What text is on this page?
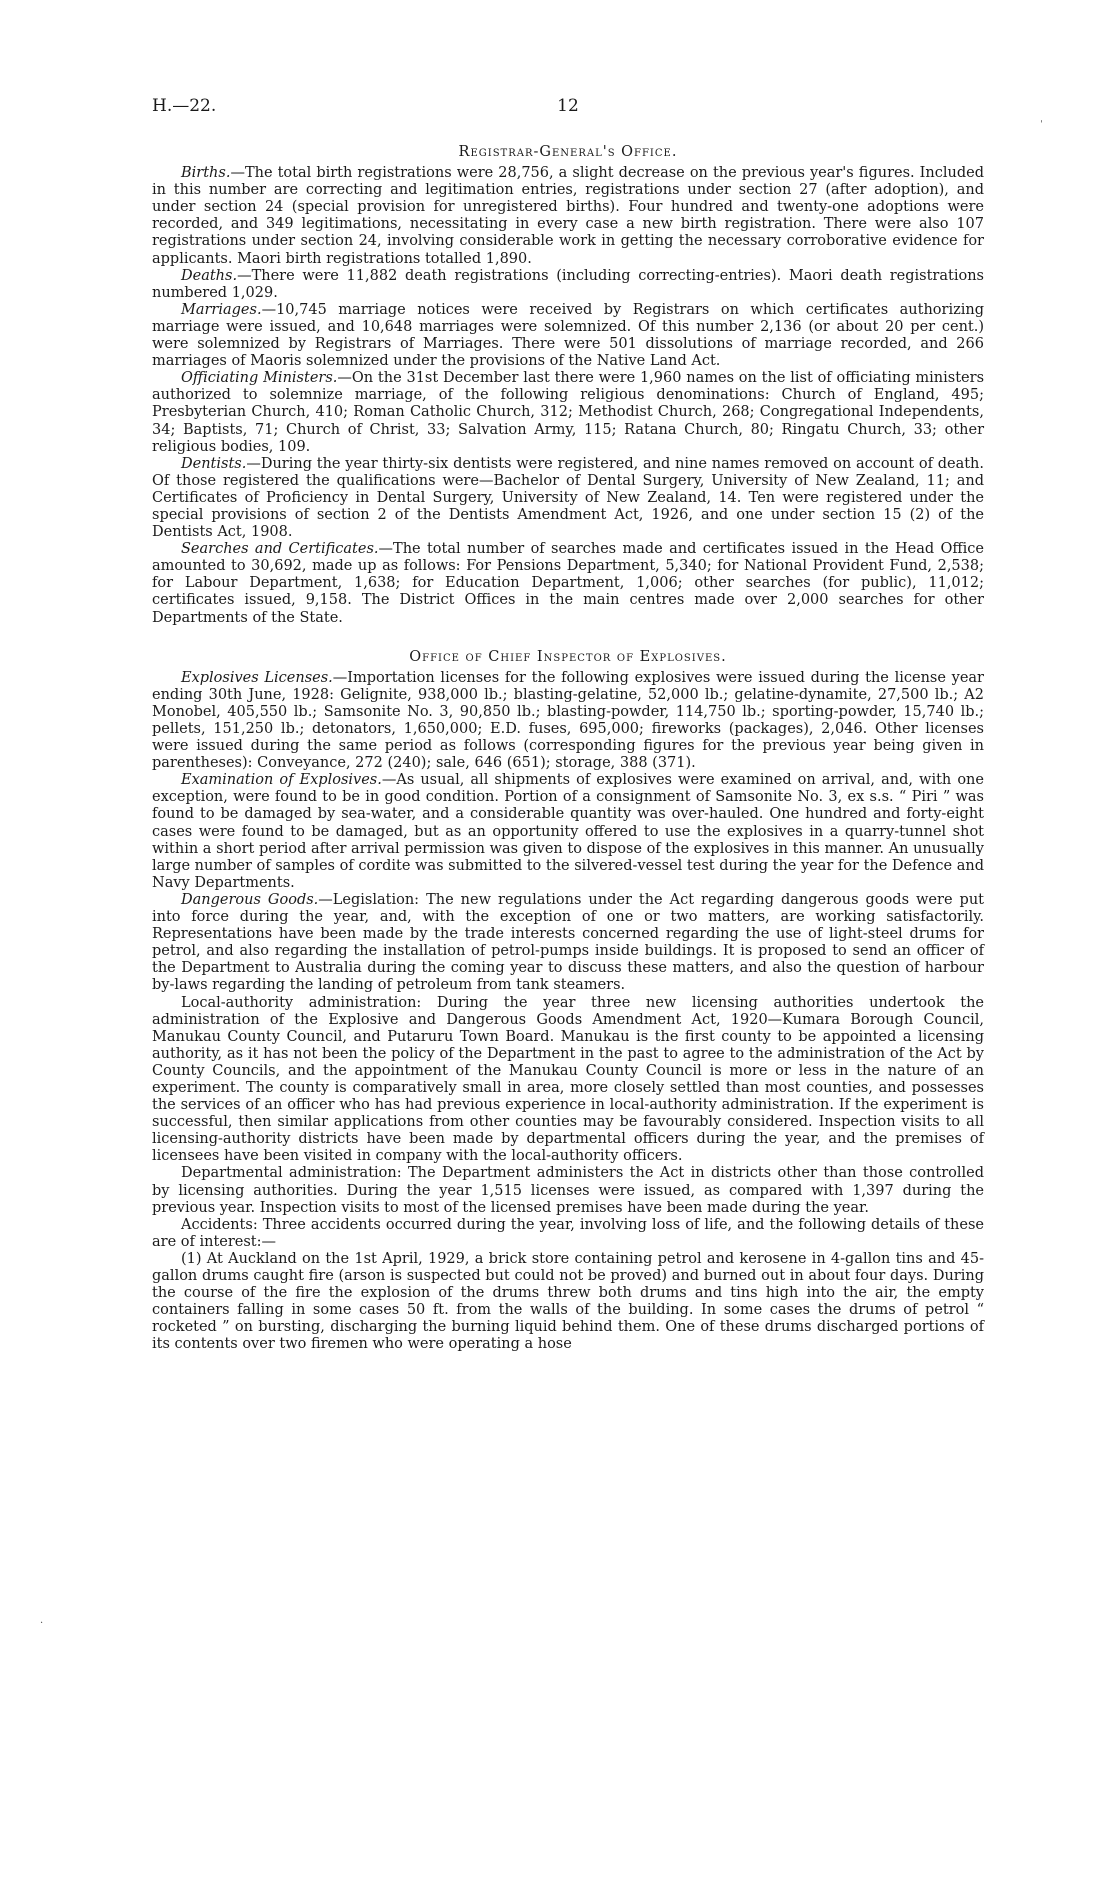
H.—22.	12
Registrar-General's Office.

Births.—The total birth registrations were 28,756, a slight decrease on the previous year's figures. Included in this number are correcting and legitimation entries, registrations under section 27 (after adoption), and under section 24 (special provision for unregistered births). Four hundred and twenty-one adoptions were recorded, and 349 legitimations, necessitating in every case a new birth registration. There were also 107 registrations under section 24, involving considerable work in getting the necessary corroborative evidence for applicants. Maori birth registrations totalled 1,890.

Deaths.—There were 11,882 death registrations (including correcting-entries). Maori death registrations numbered 1,029.

Marriages.—10,745 marriage notices were received by Registrars on which certificates authorizing marriage were issued, and 10,648 marriages were solemnized. Of this number 2,136 (or about 20 per cent.) were solemnized by Registrars of Marriages. There were 501 dissolutions of marriage recorded, and 266 marriages of Maoris solemnized under the provisions of the Native Land Act.

Officiating Ministers.—On the 31st December last there were 1,960 names on the list of officiating ministers authorized to solemnize marriage, of the following religious denominations: Church of England, 495; Presbyterian Church, 410; Roman Catholic Church, 312; Methodist Church, 268; Congregational Independents, 34; Baptists, 71; Church of Christ, 33; Salvation Army, 115; Ratana Church, 80; Ringatu Church, 33; other religious bodies, 109.

Dentists.—During the year thirty-six dentists were registered, and nine names removed on account of death. Of those registered the qualifications were—Bachelor of Dental Surgery, University of New Zealand, 11; and Certificates of Proficiency in Dental Surgery, University of New Zealand, 14. Ten were registered under the special provisions of section 2 of the Dentists Amendment Act, 1926, and one under section 15 (2) of the Dentists Act, 1908.

Searches and Certificates.—The total number of searches made and certificates issued in the Head Office amounted to 30,692, made up as follows: For Pensions Department, 5,340; for National Provident Fund, 2,538; for Labour Department, 1,638; for Education Department, 1,006; other searches (for public), 11,012; certificates issued, 9,158. The District Offices in the main centres made over 2,000 searches for other Departments of the State.

Office of Chief Inspector of Explosives.

Explosives Licenses.—Importation licenses for the following explosives were issued during the license year ending 30th June, 1928: Gelignite, 938,000 lb.; blasting-gelatine, 52,000 lb.; gelatine-dynamite, 27,500 lb.; A2 Monobel, 405,550 lb.; Samsonite No. 3, 90,850 lb.; blasting-powder, 114,750 lb.; sporting-powder, 15,740 lb.; pellets, 151,250 lb.; detonators, 1,650,000; E.D. fuses, 695,000; fireworks (packages), 2,046. Other licenses were issued during the same period as follows (corresponding figures for the previous year being given in parentheses): Conveyance, 272 (240); sale, 646 (651); storage, 388 (371).

Examination of Explosives.—As usual, all shipments of explosives were examined on arrival, and, with one exception, were found to be in good condition. Portion of a consignment of Samsonite No. 3, ex s.s. “ Piri ” was found to be damaged by sea-water, and a considerable quantity was over-hauled. One hundred and forty-eight cases were found to be damaged, but as an opportunity offered to use the explosives in a quarry-tunnel shot within a short period after arrival permission was given to dispose of the explosives in this manner. An unusually large number of samples of cordite was submitted to the silvered-vessel test during the year for the Defence and Navy Departments.

Dangerous Goods.—Legislation: The new regulations under the Act regarding dangerous goods were put into force during the year, and, with the exception of one or two matters, are working satisfactorily. Representations have been made by the trade interests concerned regarding the use of light-steel drums for petrol, and also regarding the installation of petrol-pumps inside buildings. It is proposed to send an officer of the Department to Australia during the coming year to discuss these matters, and also the question of harbour by-laws regarding the landing of petroleum from tank steamers.

Local-authority administration: During the year three new licensing authorities undertook the administration of the Explosive and Dangerous Goods Amendment Act, 1920—Kumara Borough Council, Manukau County Council, and Putaruru Town Board. Manukau is the first county to be appointed a licensing authority, as it has not been the policy of the Department in the past to agree to the administration of the Act by County Councils, and the appointment of the Manukau County Council is more or less in the nature of an experiment. The county is comparatively small in area, more closely settled than most counties, and possesses the services of an officer who has had previous experience in local-authority administration. If the experiment is successful, then similar applications from other counties may be favourably considered. Inspection visits to all licensing-authority districts have been made by departmental officers during the year, and the premises of licensees have been visited in company with the local-authority officers.

Departmental administration: The Department administers the Act in districts other than those controlled by licensing authorities. During the year 1,515 licenses were issued, as compared with 1,397 during the previous year. Inspection visits to most of the licensed premises have been made during the year.

Accidents: Three accidents occurred during the year, involving loss of life, and the following details of these are of interest:—

(1) At Auckland on the 1st April, 1929, a brick store containing petrol and kerosene in 4-gallon tins and 45-gallon drums caught fire (arson is suspected but could not be proved) and burned out in about four days. During the course of the fire the explosion of the drums threw both drums and tins high into the air, the empty containers falling in some cases 50 ft. from the walls of the building. In some cases the drums of petrol “ rocketed ” on bursting, discharging the burning liquid behind them. One of these drums discharged portions of its contents over two firemen who were operating a hose

ˈ
·
